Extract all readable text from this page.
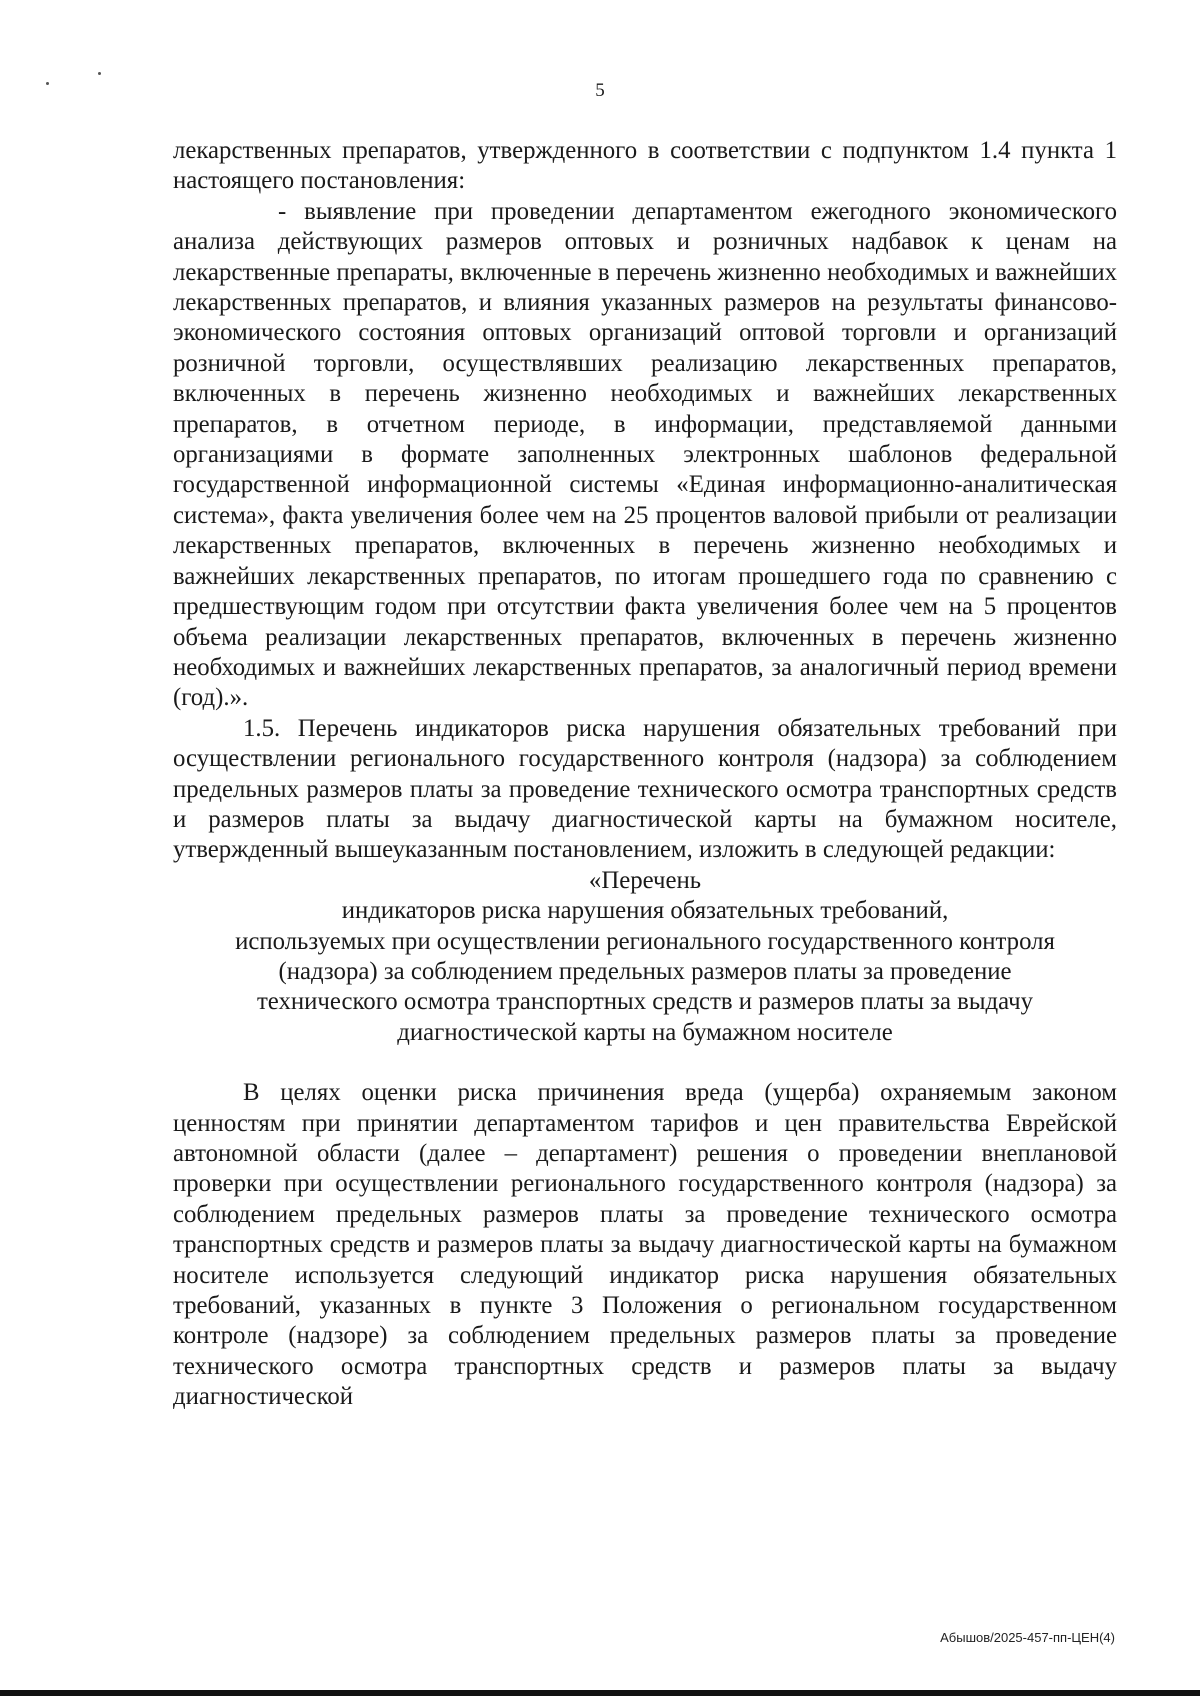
5

лекарственных препаратов, утвержденного в соответствии с подпунктом 1.4 пункта 1 настоящего постановления:

- выявление при проведении департаментом ежегодного экономического анализа действующих размеров оптовых и розничных надбавок к ценам на лекарственные препараты, включенные в перечень жизненно необходимых и важнейших лекарственных препаратов, и влияния указанных размеров на результаты финансово-экономического состояния оптовых организаций оптовой торговли и организаций розничной торговли, осуществлявших реализацию лекарственных препаратов, включенных в перечень жизненно необходимых и важнейших лекарственных препаратов, в отчетном периоде, в информации, представляемой данными организациями в формате заполненных электронных шаблонов федеральной государственной информационной системы «Единая информационно-аналитическая система», факта увеличения более чем на 25 процентов валовой прибыли от реализации лекарственных препаратов, включенных в перечень жизненно необходимых и важнейших лекарственных препаратов, по итогам прошедшего года по сравнению с предшествующим годом при отсутствии факта увеличения более чем на 5 процентов объема реализации лекарственных препаратов, включенных в перечень жизненно необходимых и важнейших лекарственных препаратов, за аналогичный период времени (год).».

1.5. Перечень индикаторов риска нарушения обязательных требований при осуществлении регионального государственного контроля (надзора) за соблюдением предельных размеров платы за проведение технического осмотра транспортных средств и размеров платы за выдачу диагностической карты на бумажном носителе, утвержденный вышеуказанным постановлением, изложить в следующей редакции:

«Перечень

индикаторов риска нарушения обязательных требований,

используемых при осуществлении регионального государственного контроля

(надзора) за соблюдением предельных размеров платы за проведение

технического осмотра транспортных средств и размеров платы за выдачу

диагностической карты на бумажном носителе

В целях оценки риска причинения вреда (ущерба) охраняемым законом ценностям при принятии департаментом тарифов и цен правительства Еврейской автономной области (далее – департамент) решения о проведении внеплановой проверки при осуществлении регионального государственного контроля (надзора) за соблюдением предельных размеров платы за проведение технического осмотра транспортных средств и размеров платы за выдачу диагностической карты на бумажном носителе используется следующий индикатор риска нарушения обязательных требований, указанных в пункте 3 Положения о региональном государственном контроле (надзоре) за соблюдением предельных размеров платы за проведение технического осмотра транспортных средств и размеров платы за выдачу диагностической

Абышов/2025-457-пп-ЦЕН(4)
